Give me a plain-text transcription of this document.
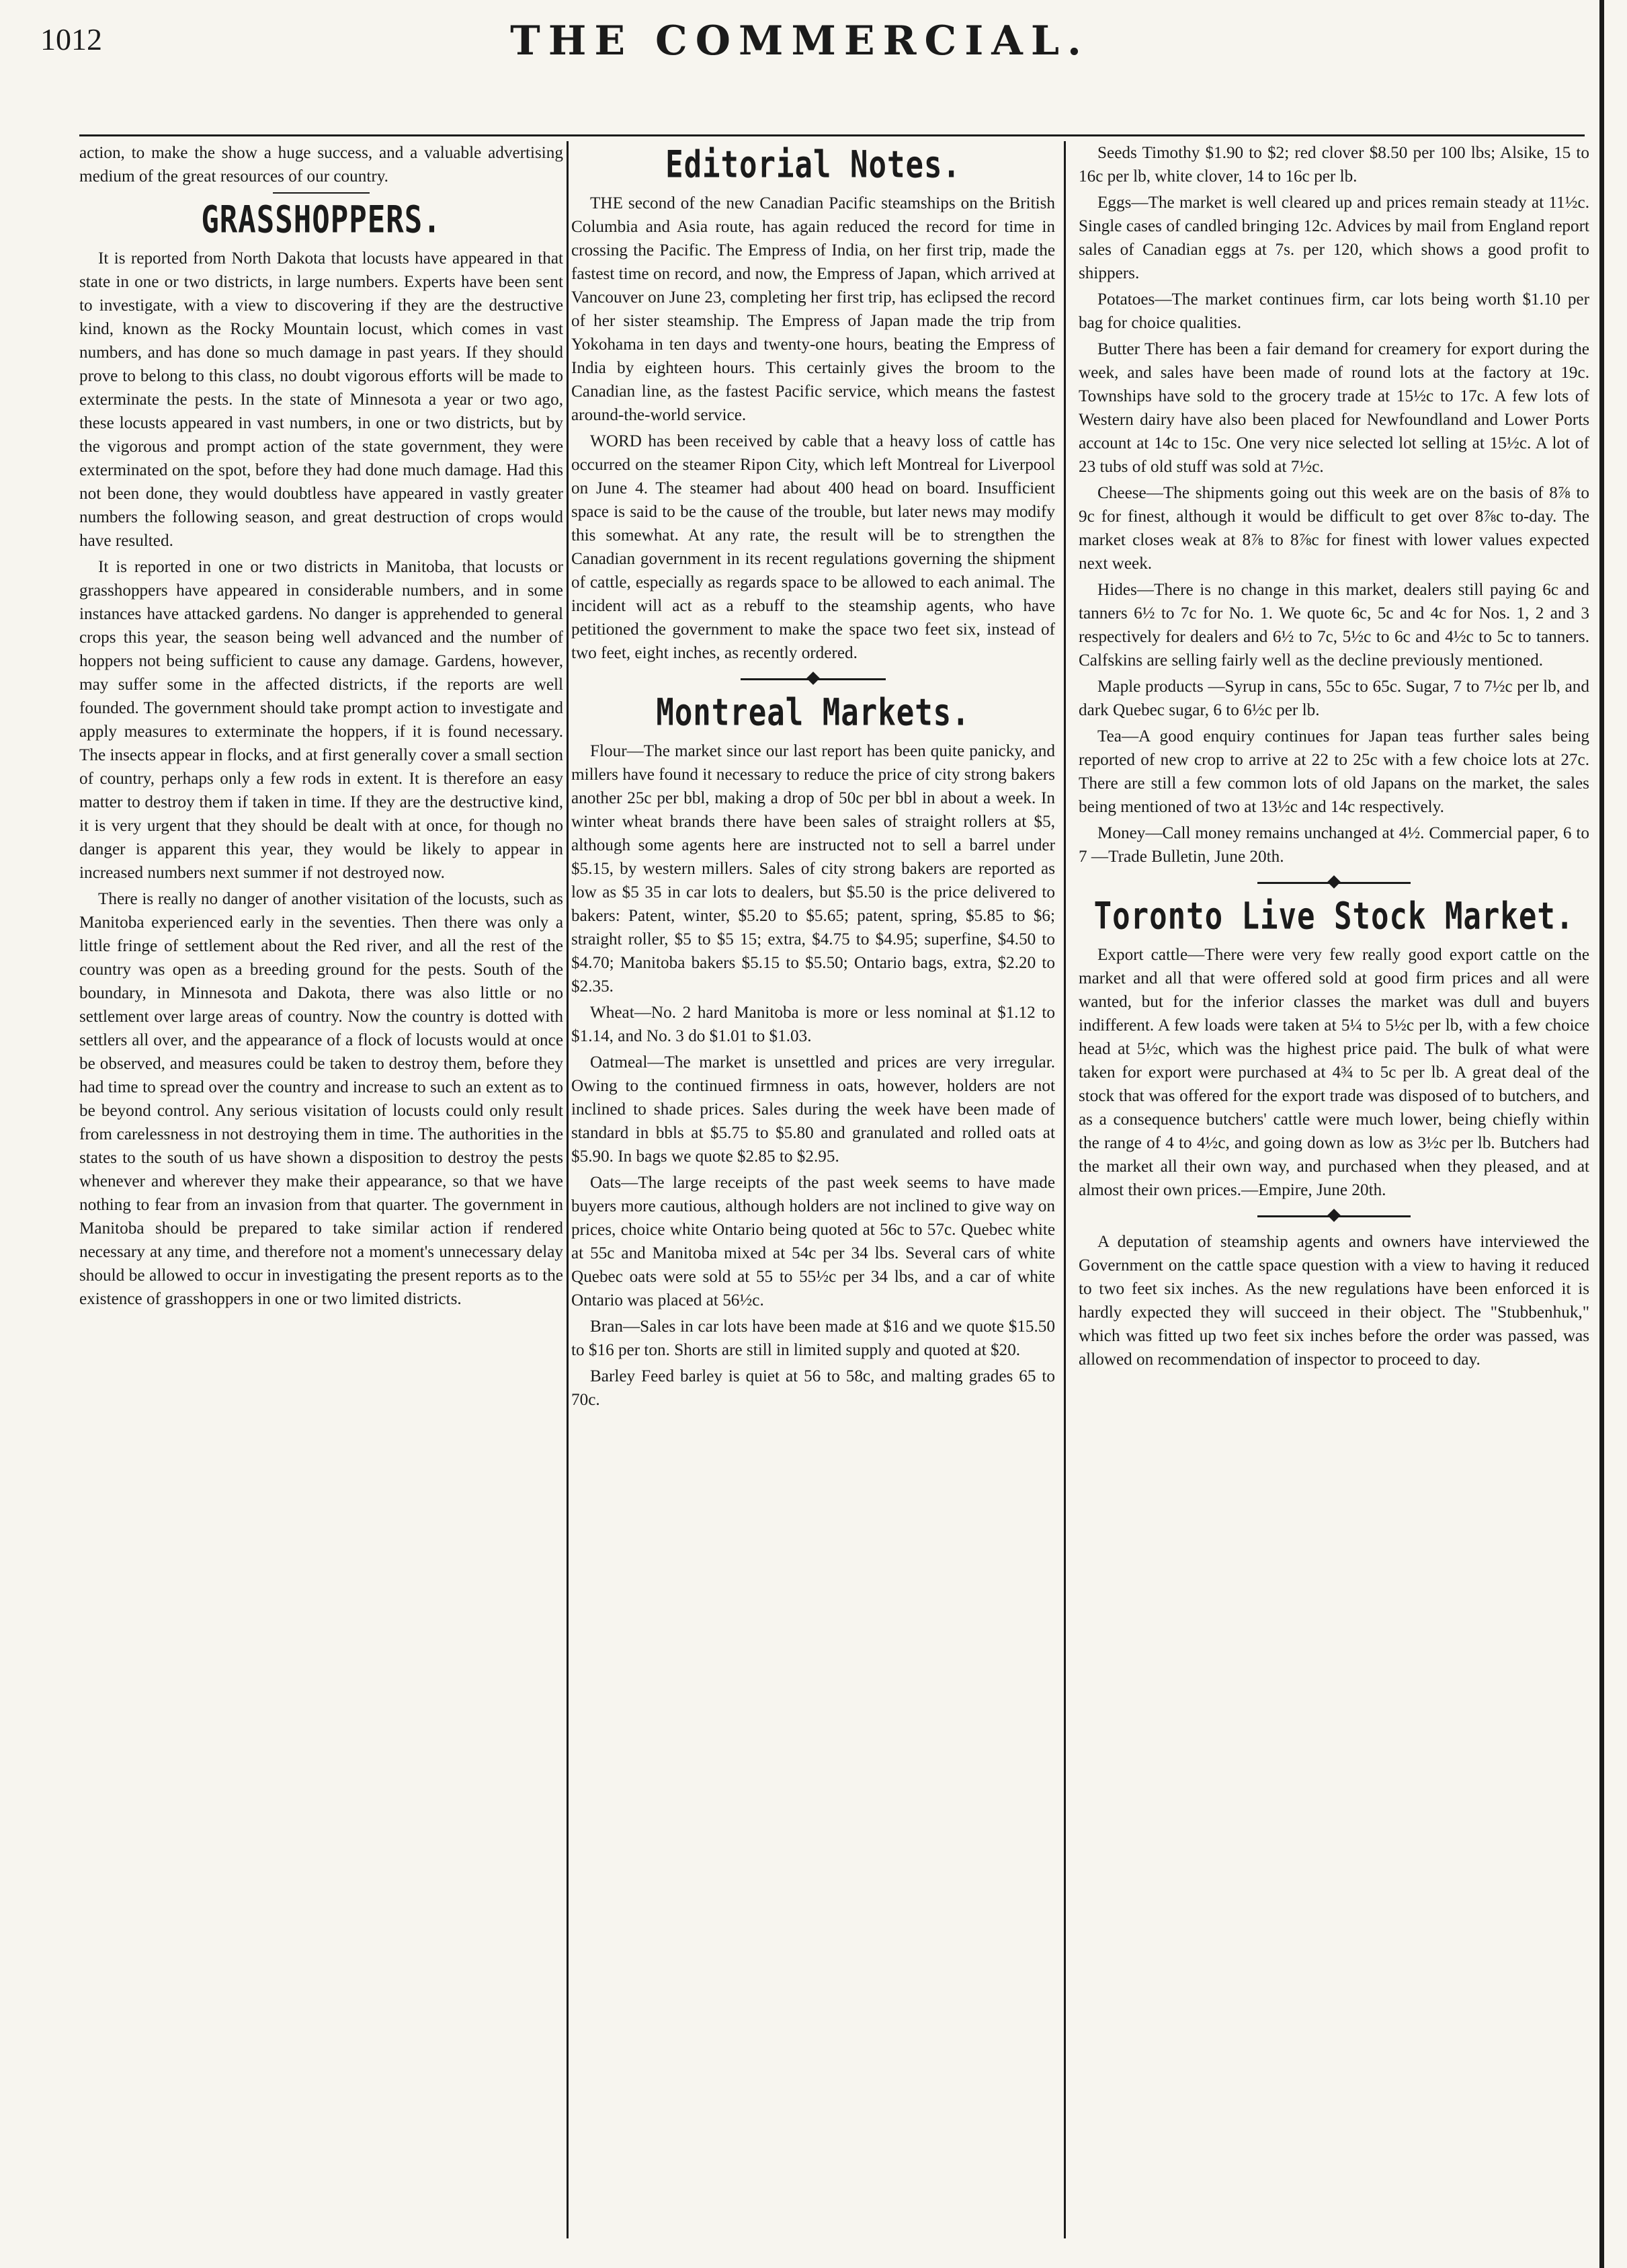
1012	THE COMMERCIAL.

action, to make the show a huge success, and a valuable advertising medium of the great resources of our country.

GRASSHOPPERS.

It is reported from North Dakota that locusts have appeared in that state in one or two districts, in large numbers. Experts have been sent to investigate, with a view to discovering if they are the destructive kind, known as the Rocky Mountain locust, which comes in vast numbers, and has done so much damage in past years. If they should prove to belong to this class, no doubt vigorous efforts will be made to exterminate the pests. In the state of Minnesota a year or two ago, these locusts appeared in vast numbers, in one or two districts, but by the vigorous and prompt action of the state government, they were exterminated on the spot, before they had done much damage. Had this not been done, they would doubtless have appeared in vastly greater numbers the following season, and great destruction of crops would have resulted.

It is reported in one or two districts in Manitoba, that locusts or grasshoppers have appeared in considerable numbers, and in some instances have attacked gardens. No danger is apprehended to general crops this year, the season being well advanced and the number of hoppers not being sufficient to cause any damage. Gardens, however, may suffer some in the affected districts, if the reports are well founded. The government should take prompt action to investigate and apply measures to exterminate the hoppers, if it is found necessary. The insects appear in flocks, and at first generally cover a small section of country, perhaps only a few rods in extent. It is therefore an easy matter to destroy them if taken in time. If they are the destructive kind, it is very urgent that they should be dealt with at once, for though no danger is apparent this year, they would be likely to appear in increased numbers next summer if not destroyed now.

There is really no danger of another visitation of the locusts, such as Manitoba experienced early in the seventies. Then there was only a little fringe of settlement about the Red river, and all the rest of the country was open as a breeding ground for the pests. South of the boundary, in Minnesota and Dakota, there was also little or no settlement over large areas of country. Now the country is dotted with settlers all over, and the appearance of a flock of locusts would at once be observed, and measures could be taken to destroy them, before they had time to spread over the country and increase to such an extent as to be beyond control. Any serious visitation of locusts could only result from carelessness in not destroying them in time. The authorities in the states to the south of us have shown a disposition to destroy the pests whenever and wherever they make their appearance, so that we have nothing to fear from an invasion from that quarter. The government in Manitoba should be prepared to take similar action if rendered necessary at any time, and therefore not a moment's unnecessary delay should be allowed to occur in investigating the present reports as to the existence of grasshoppers in one or two limited districts.

Editorial Notes.

THE second of the new Canadian Pacific steamships on the British Columbia and Asia route, has again reduced the record for time in crossing the Pacific. The Empress of India, on her first trip, made the fastest time on record, and now, the Empress of Japan, which arrived at Vancouver on June 23, completing her first trip, has eclipsed the record of her sister steamship. The Empress of Japan made the trip from Yokohama in ten days and twenty-one hours, beating the Empress of India by eighteen hours. This certainly gives the broom to the Canadian line, as the fastest Pacific service, which means the fastest around-the-world service.

WORD has been received by cable that a heavy loss of cattle has occurred on the steamer Ripon City, which left Montreal for Liverpool on June 4. The steamer had about 400 head on board. Insufficient space is said to be the cause of the trouble, but later news may modify this somewhat. At any rate, the result will be to strengthen the Canadian government in its recent regulations governing the shipment of cattle, especially as regards space to be allowed to each animal. The incident will act as a rebuff to the steamship agents, who have petitioned the government to make the space two feet six, instead of two feet, eight inches, as recently ordered.

Montreal Markets.

Flour—The market since our last report has been quite panicky, and millers have found it necessary to reduce the price of city strong bakers another 25c per bbl, making a drop of 50c per bbl in about a week. In winter wheat brands there have been sales of straight rollers at $5, although some agents here are instructed not to sell a barrel under $5.15, by western millers. Sales of city strong bakers are reported as low as $5 35 in car lots to dealers, but $5.50 is the price delivered to bakers: Patent, winter, $5.20 to $5.65; patent, spring, $5.85 to $6; straight roller, $5 to $5 15; extra, $4.75 to $4.95; superfine, $4.50 to $4.70; Manitoba bakers $5.15 to $5.50; Ontario bags, extra, $2.20 to $2.35.

Wheat—No. 2 hard Manitoba is more or less nominal at $1.12 to $1.14, and No. 3 do $1.01 to $1.03.

Oatmeal—The market is unsettled and prices are very irregular. Owing to the continued firmness in oats, however, holders are not inclined to shade prices. Sales during the week have been made of standard in bbls at $5.75 to $5.80 and granulated and rolled oats at $5.90. In bags we quote $2.85 to $2.95.

Oats—The large receipts of the past week seems to have made buyers more cautious, although holders are not inclined to give way on prices, choice white Ontario being quoted at 56c to 57c. Quebec white at 55c and Manitoba mixed at 54c per 34 lbs. Several cars of white Quebec oats were sold at 55 to 55½c per 34 lbs, and a car of white Ontario was placed at 56½c.

Bran—Sales in car lots have been made at $16 and we quote $15.50 to $16 per ton. Shorts are still in limited supply and quoted at $20.

Barley Feed barley is quiet at 56 to 58c, and malting grades 65 to 70c.

Seeds Timothy $1.90 to $2; red clover $8.50 per 100 lbs; Alsike, 15 to 16c per lb, white clover, 14 to 16c per lb.

Eggs—The market is well cleared up and prices remain steady at 11½c. Single cases of candled bringing 12c. Advices by mail from England report sales of Canadian eggs at 7s. per 120, which shows a good profit to shippers.

Potatoes—The market continues firm, car lots being worth $1.10 per bag for choice qualities.

Butter There has been a fair demand for creamery for export during the week, and sales have been made of round lots at the factory at 19c. Townships have sold to the grocery trade at 15½c to 17c. A few lots of Western dairy have also been placed for Newfoundland and Lower Ports account at 14c to 15c. One very nice selected lot selling at 15½c. A lot of 23 tubs of old stuff was sold at 7½c.

Cheese—The shipments going out this week are on the basis of 8⅞ to 9c for finest, although it would be difficult to get over 8⅞c to-day. The market closes weak at 8⅞ to 8⅞c for finest with lower values expected next week.

Hides—There is no change in this market, dealers still paying 6c and tanners 6½ to 7c for No. 1. We quote 6c, 5c and 4c for Nos. 1, 2 and 3 respectively for dealers and 6½ to 7c, 5½c to 6c and 4½c to 5c to tanners. Calfskins are selling fairly well as the decline previously mentioned.

Maple products —Syrup in cans, 55c to 65c. Sugar, 7 to 7½c per lb, and dark Quebec sugar, 6 to 6½c per lb.

Tea—A good enquiry continues for Japan teas further sales being reported of new crop to arrive at 22 to 25c with a few choice lots at 27c. There are still a few common lots of old Japans on the market, the sales being mentioned of two at 13½c and 14c respectively.

Money—Call money remains unchanged at 4½. Commercial paper, 6 to 7 —Trade Bulletin, June 20th.

Toronto Live Stock Market.

Export cattle—There were very few really good export cattle on the market and all that were offered sold at good firm prices and all were wanted, but for the inferior classes the market was dull and buyers indifferent. A few loads were taken at 5¼ to 5½c per lb, with a few choice head at 5½c, which was the highest price paid. The bulk of what were taken for export were purchased at 4¾ to 5c per lb. A great deal of the stock that was offered for the export trade was disposed of to butchers, and as a consequence butchers' cattle were much lower, being chiefly within the range of 4 to 4½c, and going down as low as 3½c per lb. Butchers had the market all their own way, and purchased when they pleased, and at almost their own prices.—Empire, June 20th.

A deputation of steamship agents and owners have interviewed the Government on the cattle space question with a view to having it reduced to two feet six inches. As the new regulations have been enforced it is hardly expected they will succeed in their object. The "Stubbenhuk," which was fitted up two feet six inches before the order was passed, was allowed on recommendation of inspector to proceed to day.
